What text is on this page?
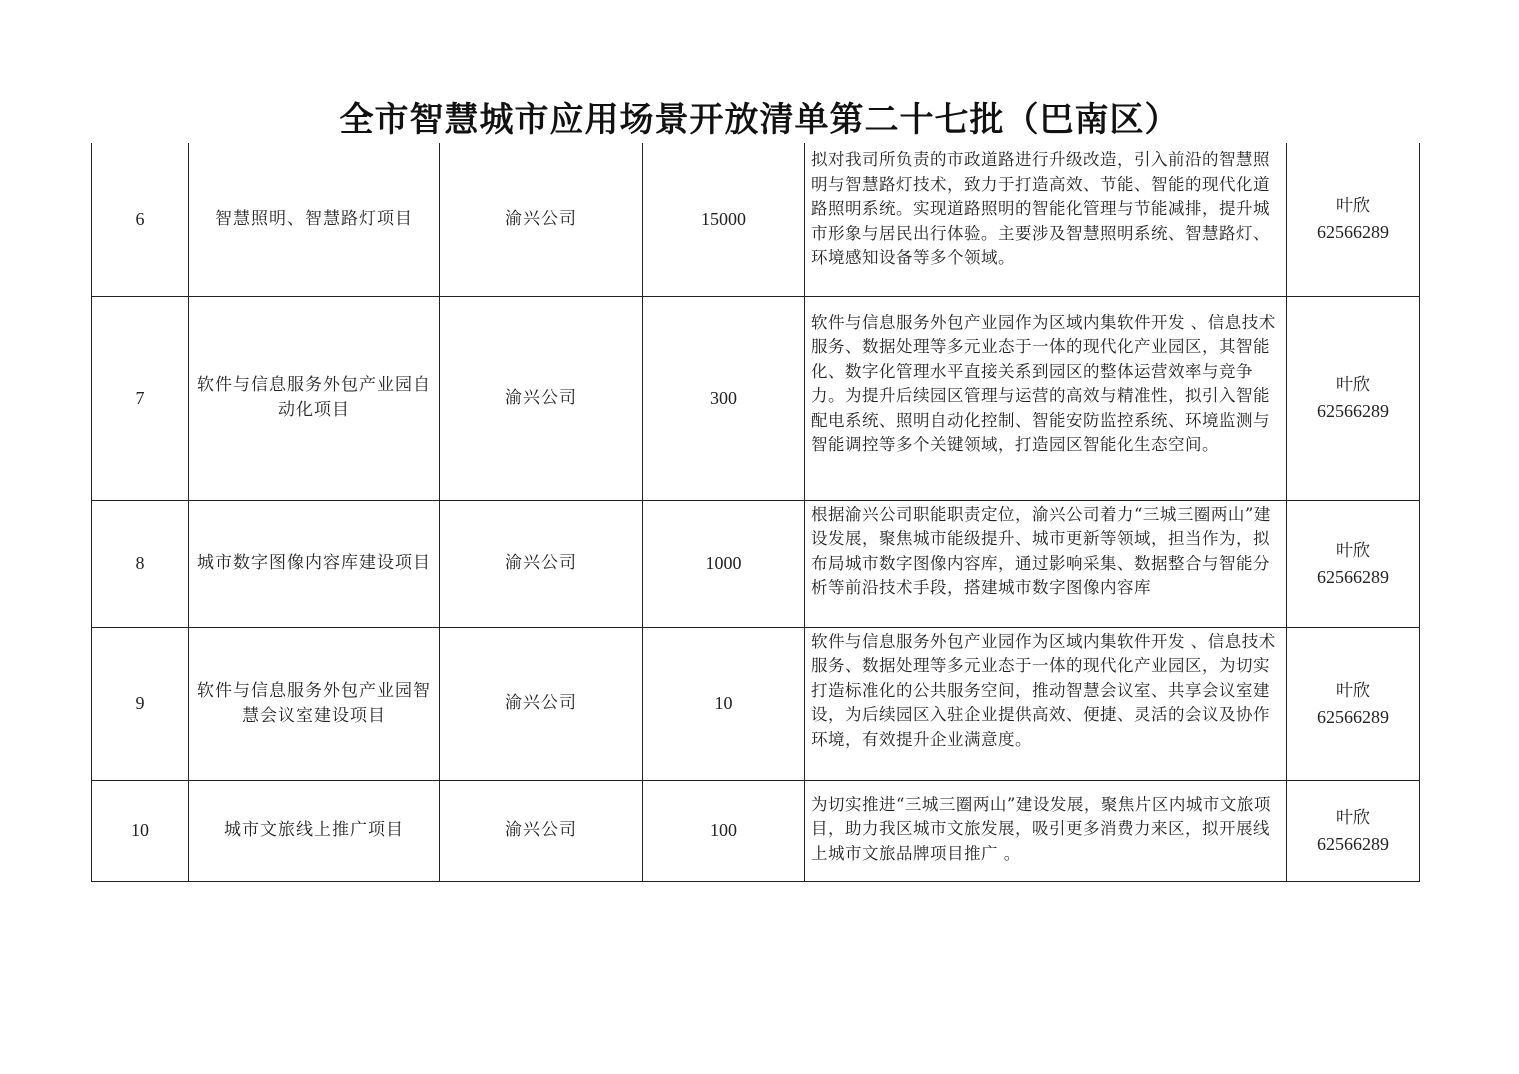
全市智慧城市应用场景开放清单第二十七批（巴南区）
6	智慧照明、智慧路灯项目	渝兴公司	15000	拟对我司所负责的市政道路进行升级改造，引入前沿的智慧照明与智慧路灯技术，致力于打造高效、节能、智能的现代化道路照明系统。实现道路照明的智能化管理与节能减排，提升城市形象与居民出行体验。主要涉及智慧照明系统、智慧路灯、环境感知设备等多个领域。	叶欣
62566289

7	软件与信息服务外包产业园自动化项目	渝兴公司	300	软件与信息服务外包产业园作为区域内集软件开发 、信息技术服务、数据处理等多元业态于一体的现代化产业园区，其智能化、数字化管理水平直接关系到园区的整体运营效率与竞争力。为提升后续园区管理与运营的高效与精准性，拟引入智能配电系统、照明自动化控制、智能安防监控系统、环境监测与智能调控等多个关键领域，打造园区智能化生态空间。	叶欣
62566289

8	城市数字图像内容库建设项目	渝兴公司	1000	根据渝兴公司职能职责定位，渝兴公司着力“三城三圈两山”建设发展，聚焦城市能级提升、城市更新等领域，担当作为，拟布局城市数字图像内容库，通过影响采集、数据整合与智能分析等前沿技术手段，搭建城市数字图像内容库	叶欣
62566289

9	软件与信息服务外包产业园智慧会议室建设项目	渝兴公司	10	软件与信息服务外包产业园作为区域内集软件开发 、信息技术服务、数据处理等多元业态于一体的现代化产业园区，为切实打造标准化的公共服务空间，推动智慧会议室、共享会议室建设，为后续园区入驻企业提供高效、便捷、灵活的会议及协作环境，有效提升企业满意度。	叶欣
62566289

10	城市文旅线上推广项目	渝兴公司	100	为切实推进“三城三圈两山”建设发展，聚焦片区内城市文旅项目，助力我区城市文旅发展，吸引更多消费力来区，拟开展线上城市文旅品牌项目推广 。	叶欣
62566289
